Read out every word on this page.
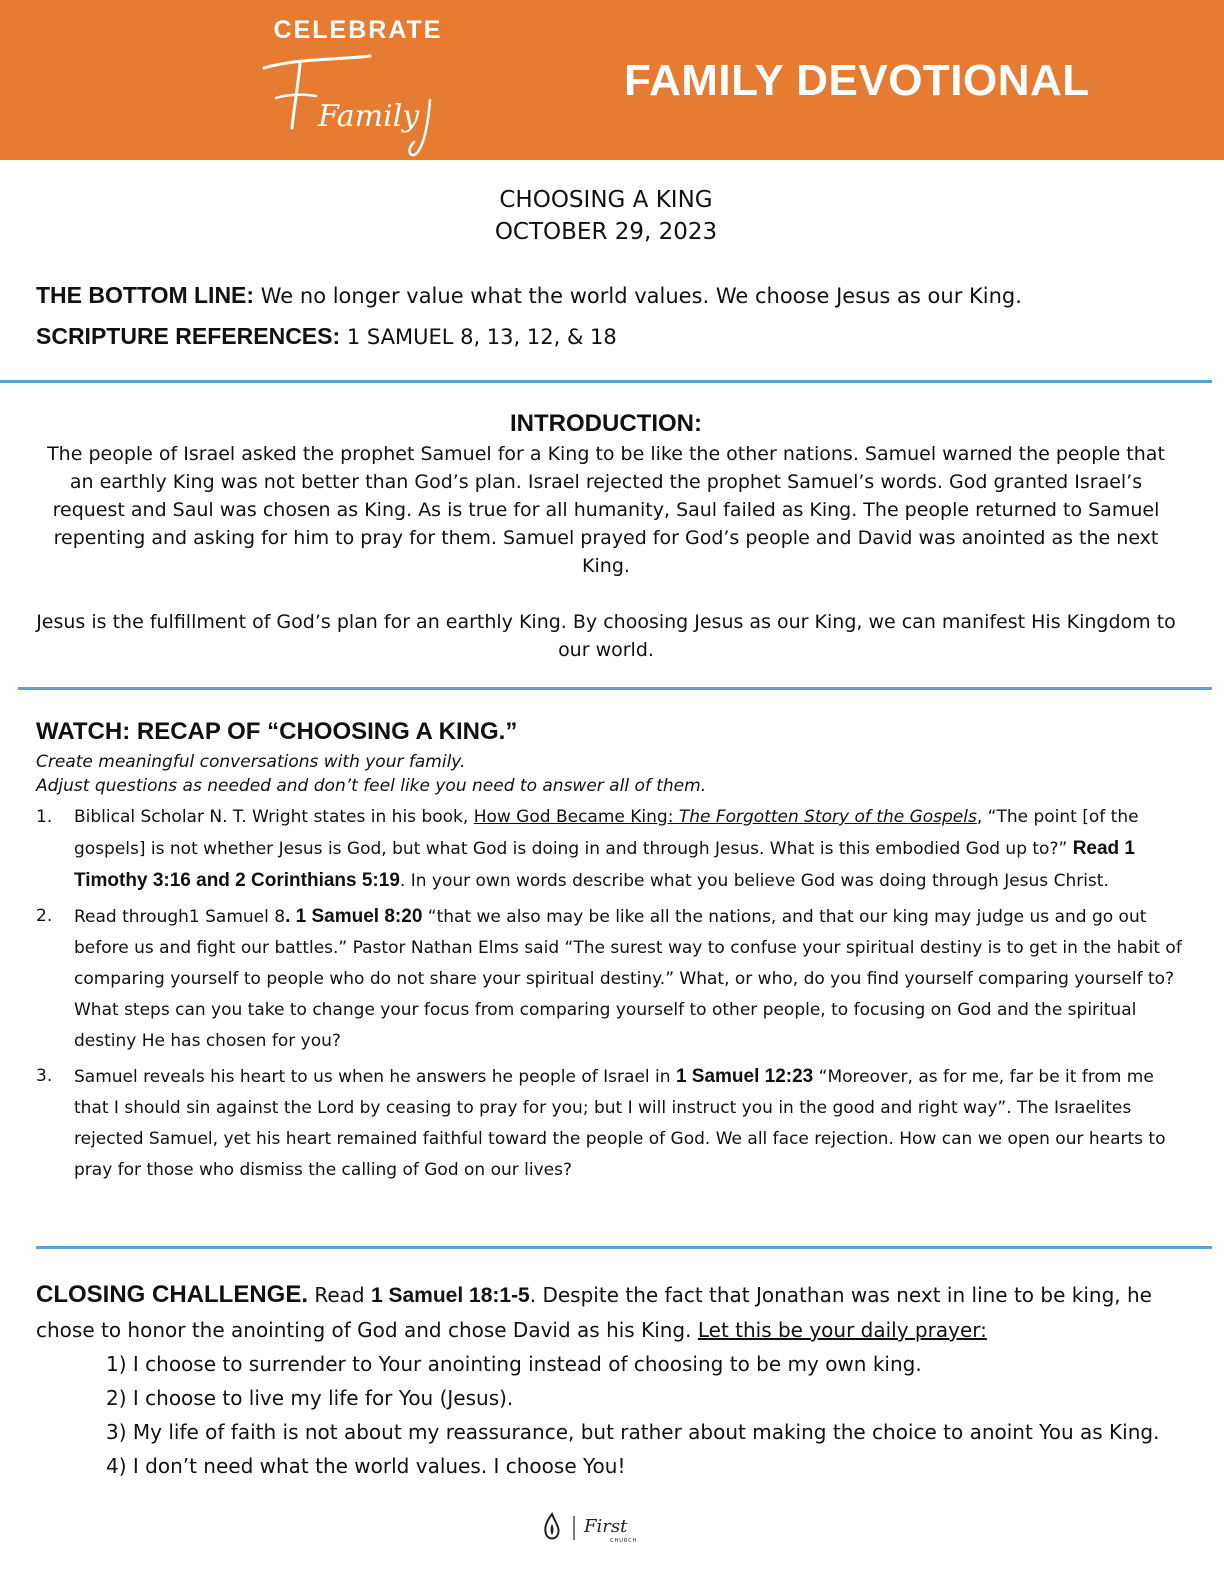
CELEBRATE
Family
FAMILY DEVOTIONAL
CHOOSING A KING
OCTOBER 29, 2023
THE BOTTOM LINE: We no longer value what the world values. We choose Jesus as our King.
SCRIPTURE REFERENCES: 1 SAMUEL 8, 13, 12, & 18
INTRODUCTION:

The people of Israel asked the prophet Samuel for a King to be like the other nations. Samuel warned the people that an earthly King was not better than God’s plan. Israel rejected the prophet Samuel’s words. God granted Israel’s request and Saul was chosen as King. As is true for all humanity, Saul failed as King. The people returned to Samuel repenting and asking for him to pray for them. Samuel prayed for God’s people and David was anointed as the next King.

Jesus is the fulfillment of God’s plan for an earthly King. By choosing Jesus as our King, we can manifest His Kingdom to our world.

WATCH: RECAP OF “CHOOSING A KING.”
Create meaningful conversations with your family.
Adjust questions as needed and don’t feel like you need to answer all of them.
1. Biblical Scholar N. T. Wright states in his book, How God Became King: The Forgotten Story of the Gospels, “The point [of the gospels] is not whether Jesus is God, but what God is doing in and through Jesus. What is this embodied God up to?” Read 1 Timothy 3:16 and 2 Corinthians 5:19. In your own words describe what you believe God was doing through Jesus Christ.
2. Read through1 Samuel 8. 1 Samuel 8:20 “that we also may be like all the nations, and that our king may judge us and go out before us and fight our battles.” Pastor Nathan Elms said “The surest way to confuse your spiritual destiny is to get in the habit of comparing yourself to people who do not share your spiritual destiny.” What, or who, do you find yourself comparing yourself to? What steps can you take to change your focus from comparing yourself to other people, to focusing on God and the spiritual destiny He has chosen for you?
3. Samuel reveals his heart to us when he answers he people of Israel in 1 Samuel 12:23 “Moreover, as for me, far be it from me that I should sin against the Lord by ceasing to pray for you; but I will instruct you in the good and right way”. The Israelites rejected Samuel, yet his heart remained faithful toward the people of God. We all face rejection. How can we open our hearts to pray for those who dismiss the calling of God on our lives?
CLOSING CHALLENGE. Read 1 Samuel 18:1-5. Despite the fact that Jonathan was next in line to be king, he chose to honor the anointing of God and chose David as his King. Let this be your daily prayer:
1) I choose to surrender to Your anointing instead of choosing to be my own king.
2) I choose to live my life for You (Jesus).
3) My life of faith is not about my reassurance, but rather about making the choice to anoint You as King.
4) I don’t need what the world values. I choose You!
First
CHURCH
